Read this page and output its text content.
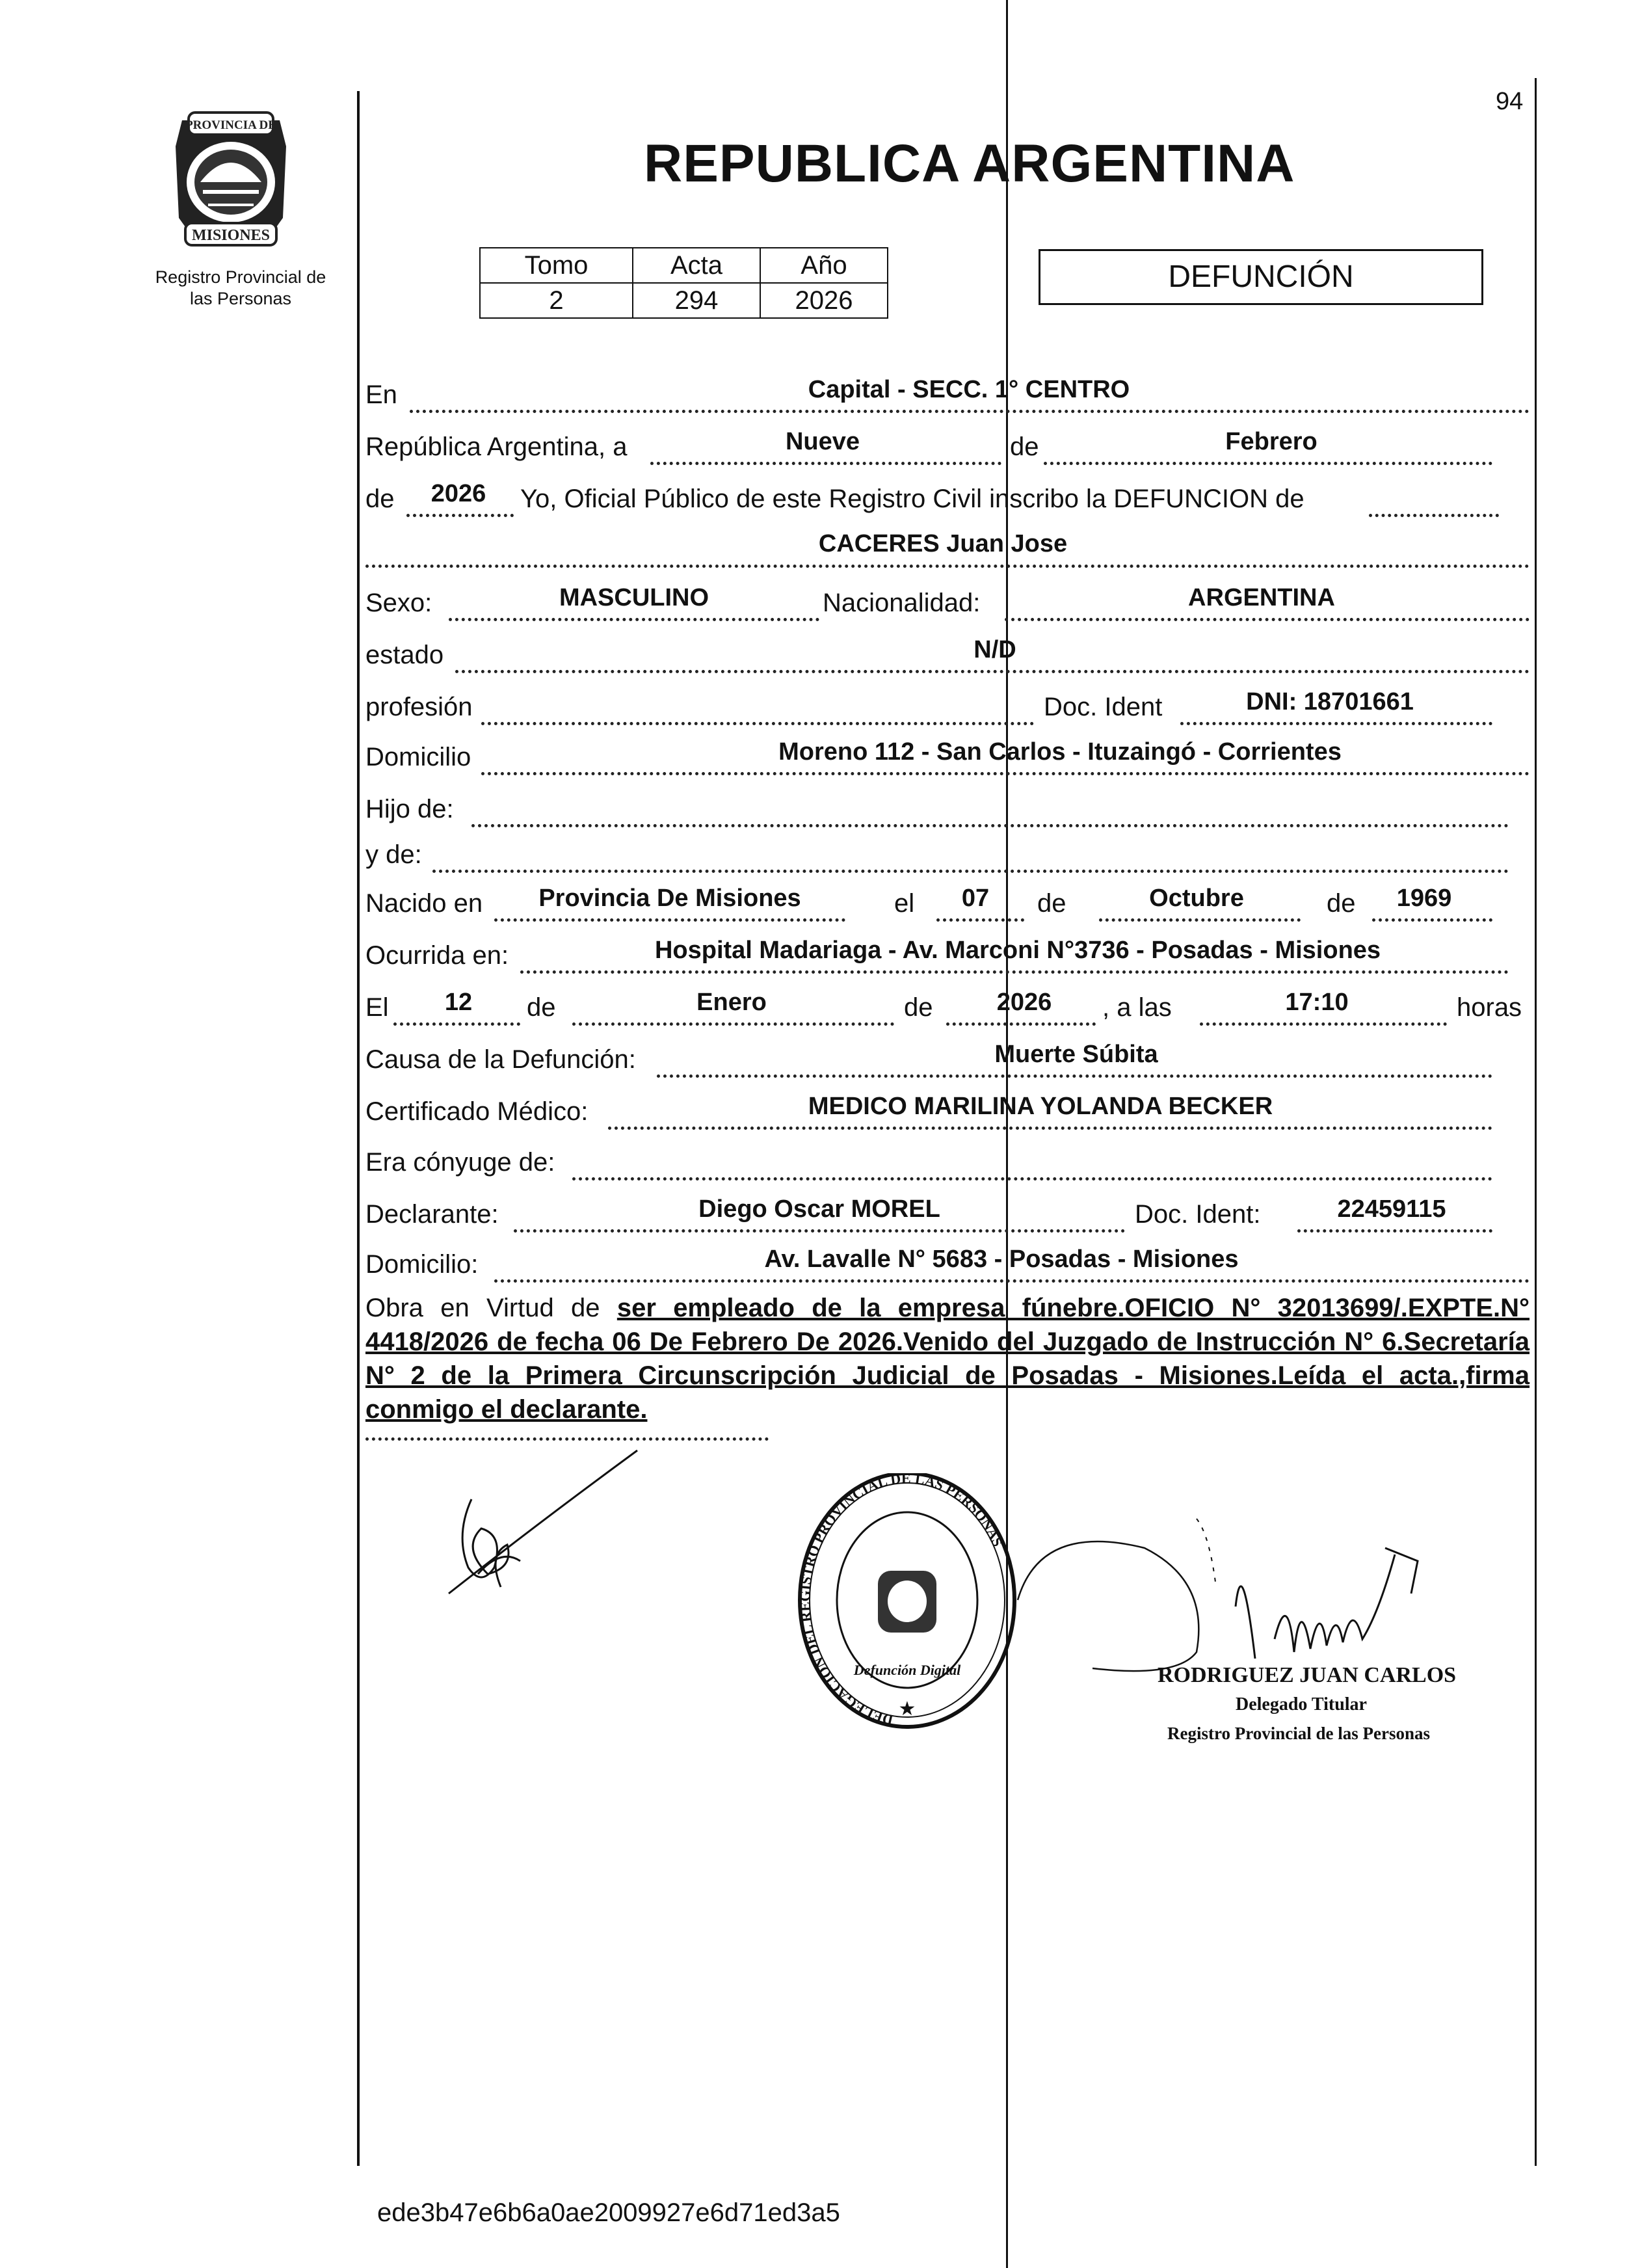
94
PROVINCIA DE
MISIONES
Registro Provincial de
las Personas
REPUBLICA ARGENTINA
Tomo	Acta	Año
2	294	2026
DEFUNCIÓN
En	Capital - SECC. 1° CENTRO
República Argentina, a	Nueve	de	Febrero
de 2026 Yo, Oficial Público de este Registro Civil inscribo la DEFUNCION de
CACERES Juan Jose
Sexo:	MASCULINO	Nacionalidad:	ARGENTINA
estado	N/D
profesión	Doc. Ident	DNI: 18701661
Domicilio	Moreno 112 - San Carlos - Ituzaingó - Corrientes
Hijo de:
y de:
Nacido en Provincia De Misiones	el 07 de	Octubre	de 1969
Ocurrida en:	Hospital Madariaga - Av. Marconi N°3736 - Posadas - Misiones
El 12 de	Enero	de	2026 , a las	17:10	horas
Causa de la Defunción:	Muerte Súbita
Certificado Médico:	MEDICO MARILINA YOLANDA BECKER
Era cónyuge de:
Declarante:	Diego Oscar MOREL	Doc. Ident:	22459115
Domicilio:	Av. Lavalle N° 5683 - Posadas - Misiones
Obra en Virtud de ser empleado de la empresa fúnebre.OFICIO N° 32013699/.EXPTE.N° 4418/2026 de fecha 06 De Febrero De 2026.Venido del Juzgado de Instrucción N° 6.Secretaría N° 2 de la Primera Circunscripción Judicial de Posadas - Misiones.Leída el acta.,firma conmigo el declarante.
DELEGACION DEL REGISTRO PROVINCIAL DE LAS PERSONAS
Defunción Digital
★
RODRIGUEZ JUAN CARLOS
Delegado Titular
Registro Provincial de las Personas
ede3b47e6b6a0ae2009927e6d71ed3a5
